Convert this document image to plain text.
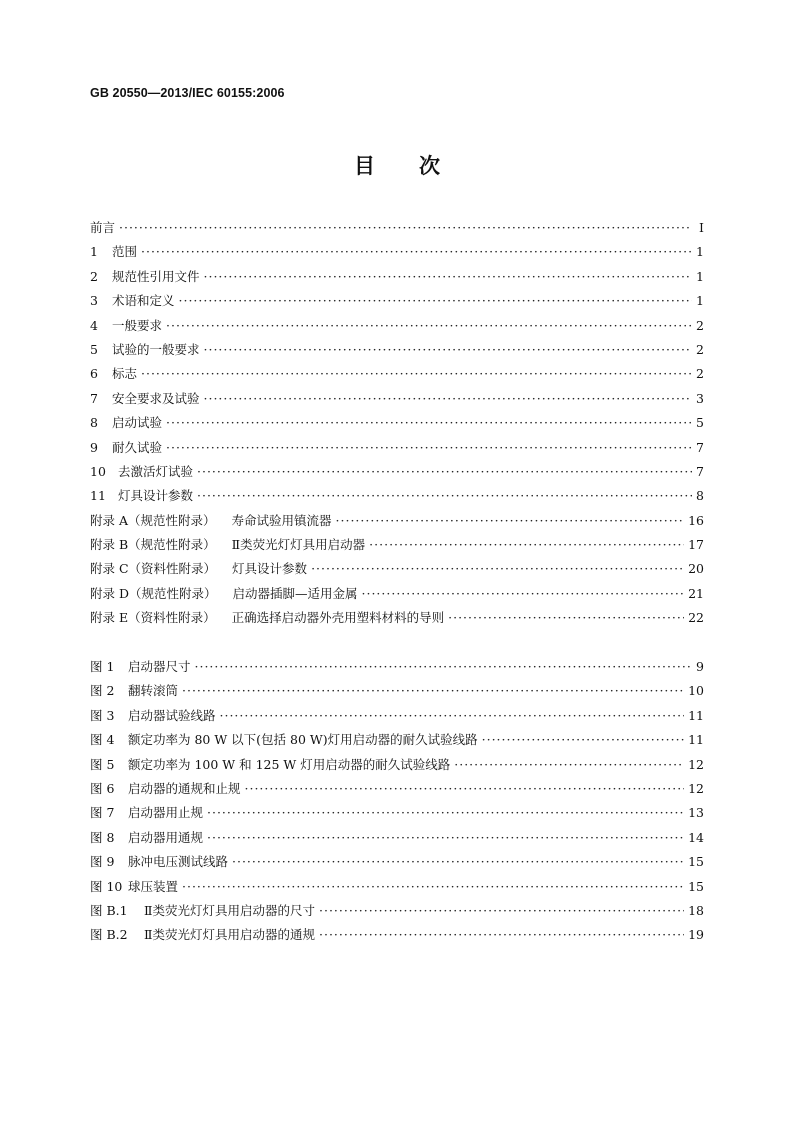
GB 20550—2013/IEC 60155:2006
目次
前言 ·····	Ⅰ
1	范围 ·····	1
2	规范性引用文件 ·····	1
3	术语和定义 ·····	1
4	一般要求 ·····	2
5	试验的一般要求 ·····	2
6	标志 ·····	2
7	安全要求及试验 ·····	3
8	启动试验 ·····	5
9	耐久试验 ·····	7
10 去激活灯试验 ·····	7
11 灯具设计参数 ·····	8
附录 A（规范性附录） 寿命试验用镇流器 ·····	16
附录 B（规范性附录） Ⅱ类荧光灯灯具用启动器 ·····	17
附录 C（资料性附录） 灯具设计参数 ·····	20
附录 D（规范性附录） 启动器插脚—适用金属 ·····	21
附录 E（资料性附录） 正确选择启动器外壳用塑料材料的导则 ·····	22
图 1	启动器尺寸 ·····	9
图 2	翻转滚筒 ·····	10
图 3	启动器试验线路 ·····	11
图 4	额定功率为 80 W 以下(包括 80 W)灯用启动器的耐久试验线路 ·····	11
图 5	额定功率为 100 W 和 125 W 灯用启动器的耐久试验线路 ·····	12
图 6	启动器的通规和止规 ·····	12
图 7	启动器用止规 ·····	13
图 8	启动器用通规 ·····	14
图 9	脉冲电压测试线路 ·····	15
图 10 球压装置 ·····	15
图 B.1	Ⅱ类荧光灯灯具用启动器的尺寸 ·····	18
图 B.2	Ⅱ类荧光灯灯具用启动器的通规 ·····	19
